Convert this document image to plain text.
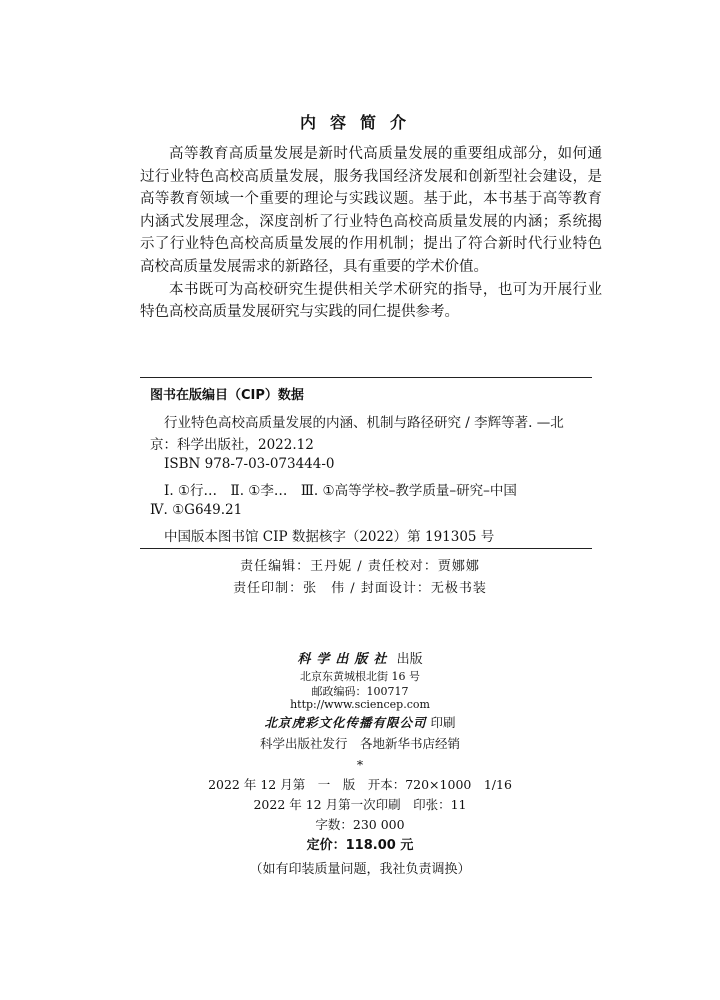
内容简介

高等教育高质量发展是新时代高质量发展的重要组成部分，如何通过行业特色高校高质量发展，服务我国经济发展和创新型社会建设，是高等教育领域一个重要的理论与实践议题。基于此，本书基于高等教育内涵式发展理念，深度剖析了行业特色高校高质量发展的内涵；系统揭示了行业特色高校高质量发展的作用机制；提出了符合新时代行业特色高校高质量发展需求的新路径，具有重要的学术价值。

本书既可为高校研究生提供相关学术研究的指导，也可为开展行业特色高校高质量发展研究与实践的同仁提供参考。

图书在版编目（CIP）数据
行业特色高校高质量发展的内涵、机制与路径研究 / 李辉等著. —北
京：科学出版社，2022.12
ISBN 978-7-03-073444-0
Ⅰ. ①行…　Ⅱ. ①李…　Ⅲ. ①高等学校–教学质量–研究–中国
Ⅳ. ①G649.21
中国版本图书馆 CIP 数据核字（2022）第 191305 号
责任编辑：王丹妮 / 责任校对：贾娜娜
责任印制：张　伟 / 封面设计：无极书装
科学出版社 出版
北京东黄城根北街 16 号
邮政编码：100717
http://www.sciencep.com
北京虎彩文化传播有限公司 印刷
科学出版社发行　各地新华书店经销
*
2022 年 12 月第　一　版　开本：720×1000　1/16
2022 年 12 月第一次印刷　印张：11
字数：230 000
定价：118.00 元
（如有印装质量问题，我社负责调换）
